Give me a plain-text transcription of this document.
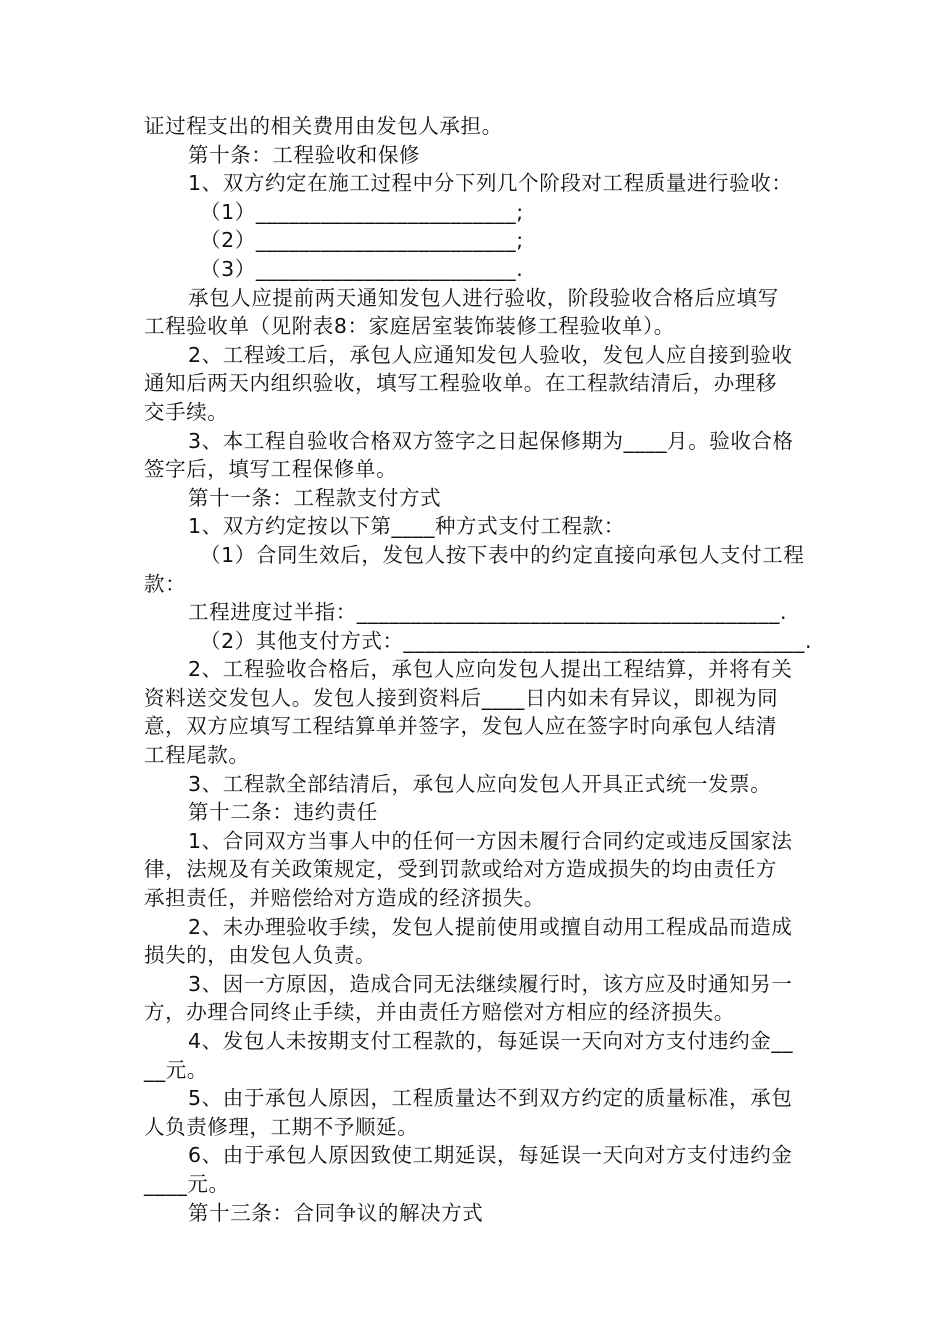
证过程支出的相关费用由发包人承担。
第十条：工程验收和保修
1、双方约定在施工过程中分下列几个阶段对工程质量进行验收：
（1）________________________;
（2）________________________;
（3）________________________.
承包人应提前两天通知发包人进行验收，阶段验收合格后应填写
工程验收单（见附表8：家庭居室装饰装修工程验收单）。
2、工程竣工后，承包人应通知发包人验收，发包人应自接到验收
通知后两天内组织验收，填写工程验收单。在工程款结清后，办理移
交手续。
3、本工程自验收合格双方签字之日起保修期为____月。验收合格
签字后，填写工程保修单。
第十一条：工程款支付方式
1、双方约定按以下第____种方式支付工程款：
（1）合同生效后，发包人按下表中的约定直接向承包人支付工程
款：
工程进度过半指：_______________________________________.
（2）其他支付方式：_____________________________________.
2、工程验收合格后，承包人应向发包人提出工程结算，并将有关
资料送交发包人。发包人接到资料后____日内如未有异议，即视为同
意，双方应填写工程结算单并签字，发包人应在签字时向承包人结清
工程尾款。
3、工程款全部结清后，承包人应向发包人开具正式统一发票。
第十二条：违约责任
1、合同双方当事人中的任何一方因未履行合同约定或违反国家法
律，法规及有关政策规定，受到罚款或给对方造成损失的均由责任方
承担责任，并赔偿给对方造成的经济损失。
2、未办理验收手续，发包人提前使用或擅自动用工程成品而造成
损失的，由发包人负责。
3、因一方原因，造成合同无法继续履行时，该方应及时通知另一
方，办理合同终止手续，并由责任方赔偿对方相应的经济损失。
4、发包人未按期支付工程款的，每延误一天向对方支付违约金__
__元。
5、由于承包人原因，工程质量达不到双方约定的质量标准，承包
人负责修理，工期不予顺延。
6、由于承包人原因致使工期延误，每延误一天向对方支付违约金
____元。
第十三条：合同争议的解决方式
